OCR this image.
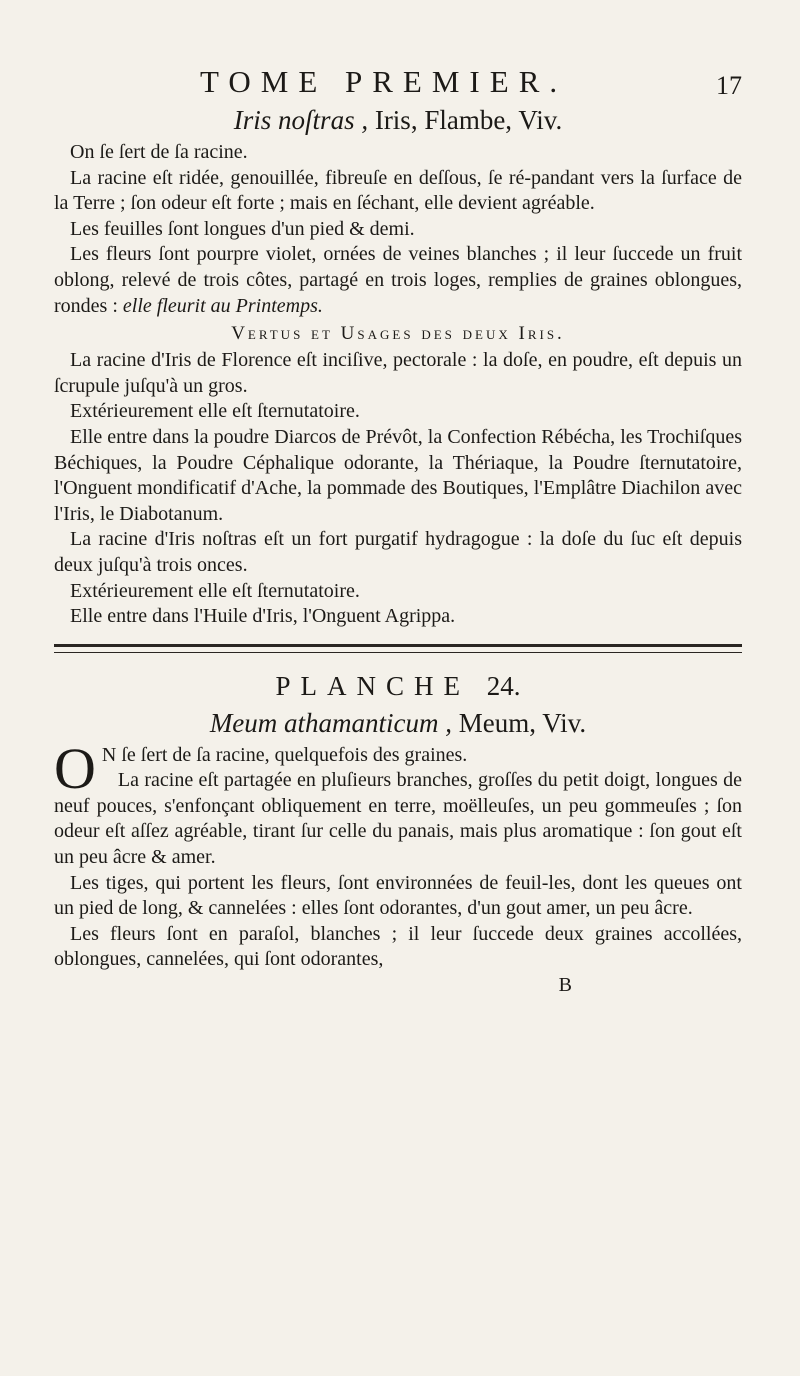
TOME PREMIER.	17
Iris noſtras , Iris, Flambe, Viv.

On ſe ſert de ſa racine.

La racine eſt ridée, genouillée, fibreuſe en deſſous, ſe ré-pandant vers la ſurface de la Terre ; ſon odeur eſt forte ; mais en ſéchant, elle devient agréable.

Les feuilles ſont longues d'un pied & demi.

Les fleurs ſont pourpre violet, ornées de veines blanches ; il leur ſuccede un fruit oblong, relevé de trois côtes, partagé en trois loges, remplies de graines oblongues, rondes : elle fleurit au Printemps.

Vertus et Usages des deux Iris.

La racine d'Iris de Florence eſt inciſive, pectorale : la doſe, en poudre, eſt depuis un ſcrupule juſqu'à un gros.

Extérieurement elle eſt ſternutatoire.

Elle entre dans la poudre Diarcos de Prévôt, la Confection Rébécha, les Trochiſques Béchiques, la Poudre Céphalique odorante, la Thériaque, la Poudre ſternutatoire, l'Onguent mondificatif d'Ache, la pommade des Boutiques, l'Emplâtre Diachilon avec l'Iris, le Diabotanum.

La racine d'Iris noſtras eſt un fort purgatif hydragogue : la doſe du ſuc eſt depuis deux juſqu'à trois onces.

Extérieurement elle eſt ſternutatoire.

Elle entre dans l'Huile d'Iris, l'Onguent Agrippa.

PLANCHE 24.
Meum athamanticum , Meum, Viv.

O N ſe ſert de ſa racine, quelquefois des graines.

La racine eſt partagée en pluſieurs branches, groſſes du petit doigt, longues de neuf pouces, s'enfonçant obliquement en terre, moëlleuſes, un peu gommeuſes ; ſon odeur eſt aſſez agréable, tirant ſur celle du panais, mais plus aromatique : ſon gout eſt un peu âcre & amer.

Les tiges, qui portent les fleurs, ſont environnées de feuil-les, dont les queues ont un pied de long, & cannelées : elles ſont odorantes, d'un gout amer, un peu âcre.

Les fleurs ſont en paraſol, blanches ; il leur ſuccede deux graines accollées, oblongues, cannelées, qui ſont odorantes,

B
